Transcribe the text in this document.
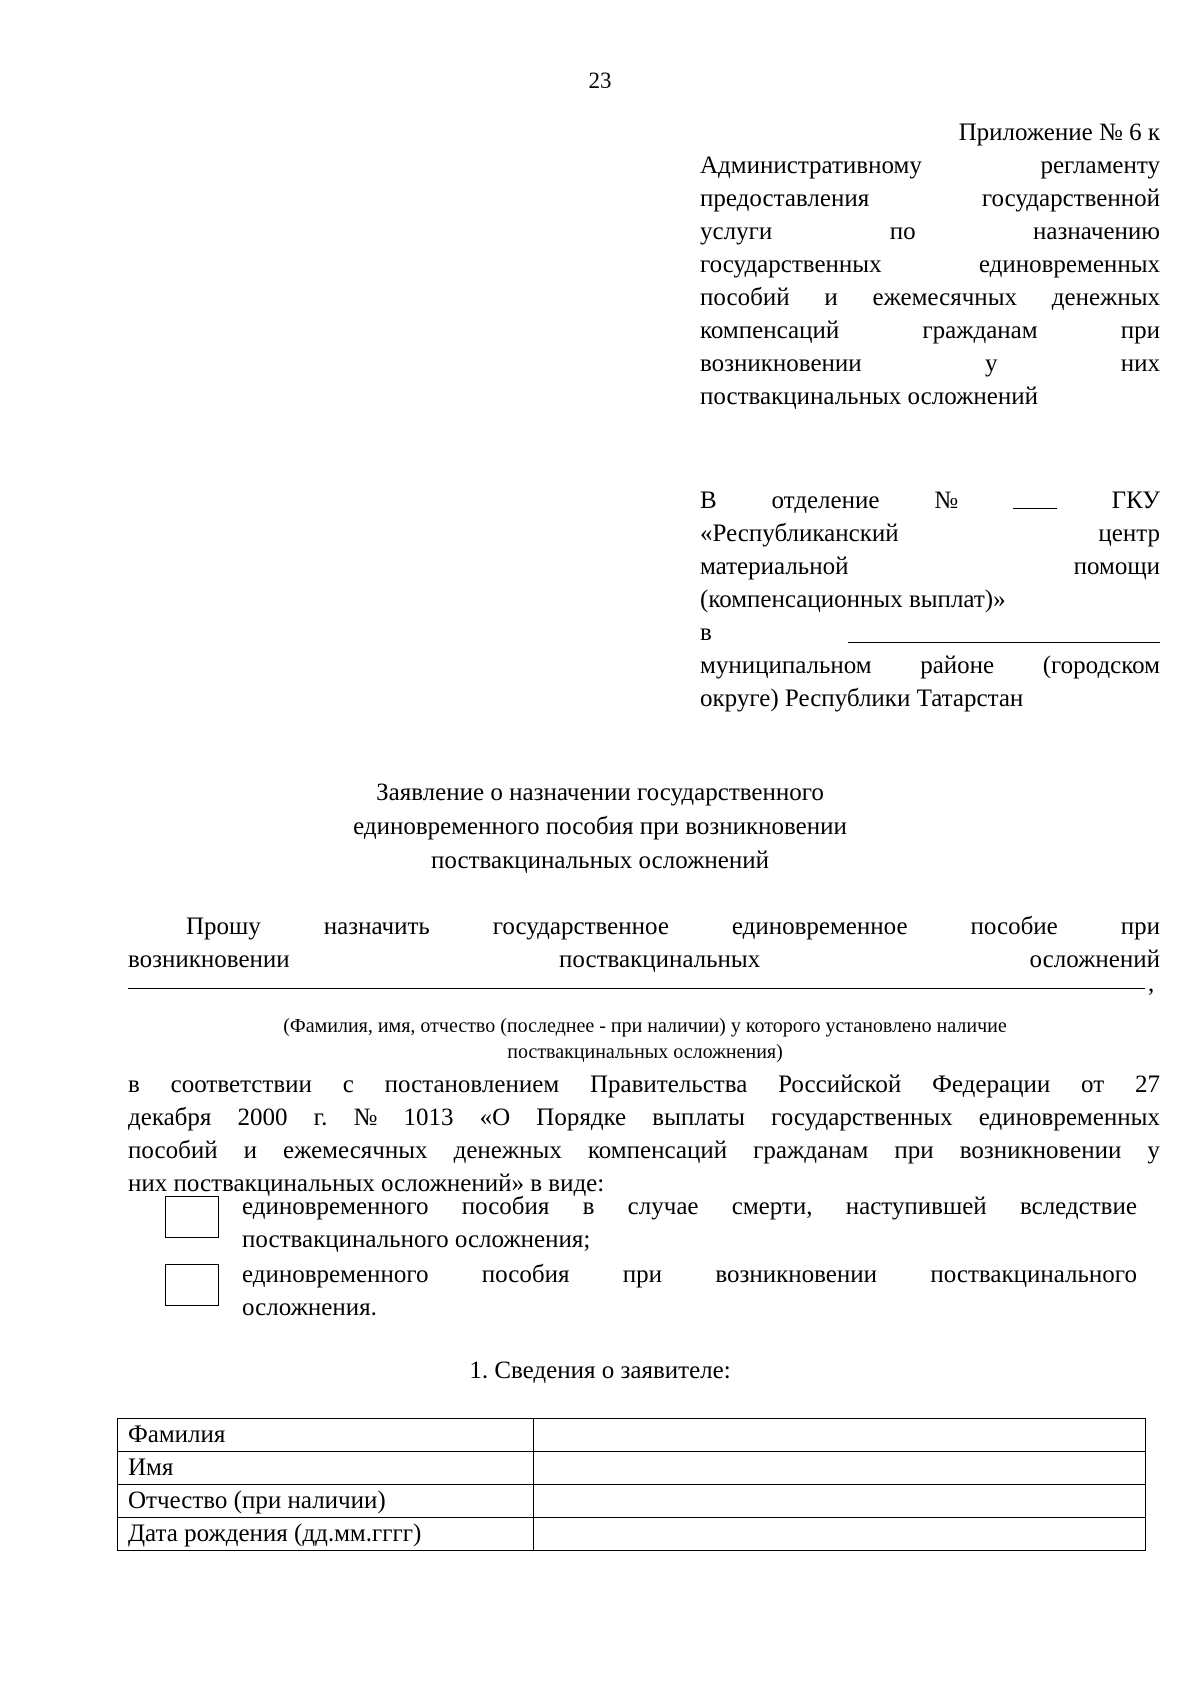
23
Приложение № 6 к
Административному	регламенту
предоставления	государственной
услуги	по	назначению
государственных	единовременных
пособий и ежемесячных денежных
компенсаций	гражданам	при
возникновении	у	них
поствакцинальных осложнений
В отделение №	ГКУ
«Республиканский	центр
материальной	помощи
(компенсационных выплат)»
в
муниципальном районе (городском
округе) Республики Татарстан
Заявление о назначении государственного
единовременного пособия при возникновении
поствакцинальных осложнений
Прошу	назначить	государственное	единовременное	пособие	при
возникновении	поствакцинальных	осложнений
,
(Фамилия, имя, отчество (последнее - при наличии) у которого установлено наличие
поствакцинальных осложнения)
в соответствии с постановлением Правительства Российской Федерации от 27
декабря 2000 г. № 1013 «О Порядке выплаты государственных единовременных
пособий и ежемесячных денежных компенсаций гражданам при возникновении у
них поствакцинальных осложнений» в виде:
единовременного пособия в случае смерти, наступившей вследствие
поствакцинального осложнения;
единовременного пособия при возникновении поствакцинального
осложнения.
1. Сведения о заявителе:
Фамилия	
Имя	
Отчество (при наличии)	
Дата рождения (дд.мм.гггг)	
